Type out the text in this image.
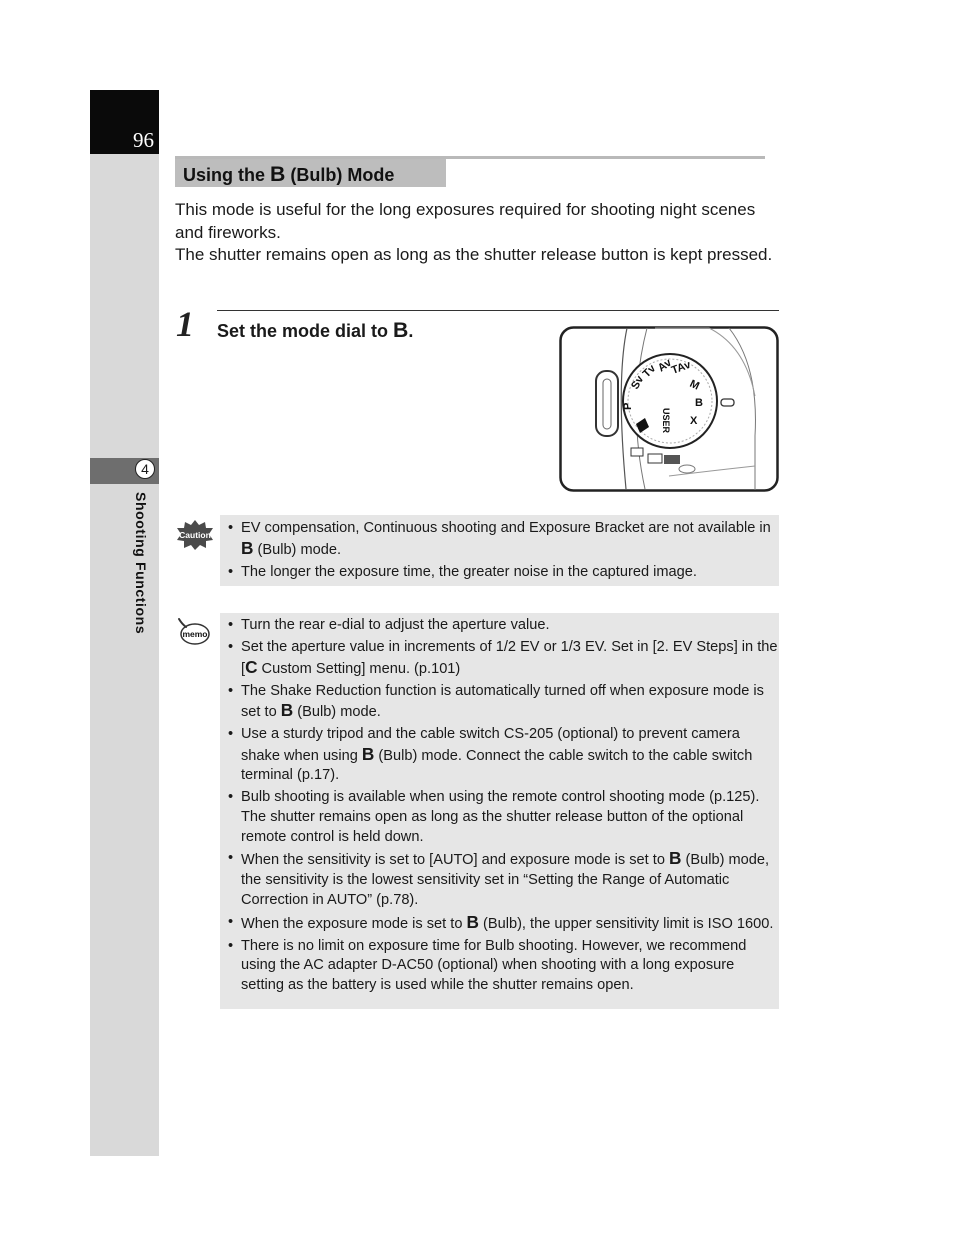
96
4
Shooting Functions
Using the B (Bulb) Mode

This mode is useful for the long exposures required for shooting night scenes and fireworks.
The shutter remains open as long as the shutter release button is kept pressed.

1 Set the mode dial to B.
Av
TAv
M
B
X
USER
P
Sv
Tv
Caution
•	EV compensation, Continuous shooting and Exposure Bracket are not available in B (Bulb) mode.
• The longer the exposure time, the greater noise in the captured image.
memo
• Turn the rear e-dial to adjust the aperture value.
• Set the aperture value in increments of 1/2 EV or 1/3 EV. Set in [2. EV Steps] in the [C Custom Setting] menu. (p.101)
• The Shake Reduction function is automatically turned off when exposure mode is set to B (Bulb) mode.
• Use a sturdy tripod and the cable switch CS-205 (optional) to prevent camera shake when using B (Bulb) mode. Connect the cable switch to the cable switch terminal (p.17).
• Bulb shooting is available when using the remote control shooting mode (p.125). The shutter remains open as long as the shutter release button of the optional remote control is held down.
• When the sensitivity is set to [AUTO] and exposure mode is set to B (Bulb) mode, the sensitivity is the lowest sensitivity set in “Setting the Range of Automatic Correction in AUTO” (p.78).
• When the exposure mode is set to B (Bulb), the upper sensitivity limit is ISO 1600.
• There is no limit on exposure time for Bulb shooting. However, we recommend using the AC adapter D-AC50 (optional) when shooting with a long exposure setting as the battery is used while the shutter remains open.
